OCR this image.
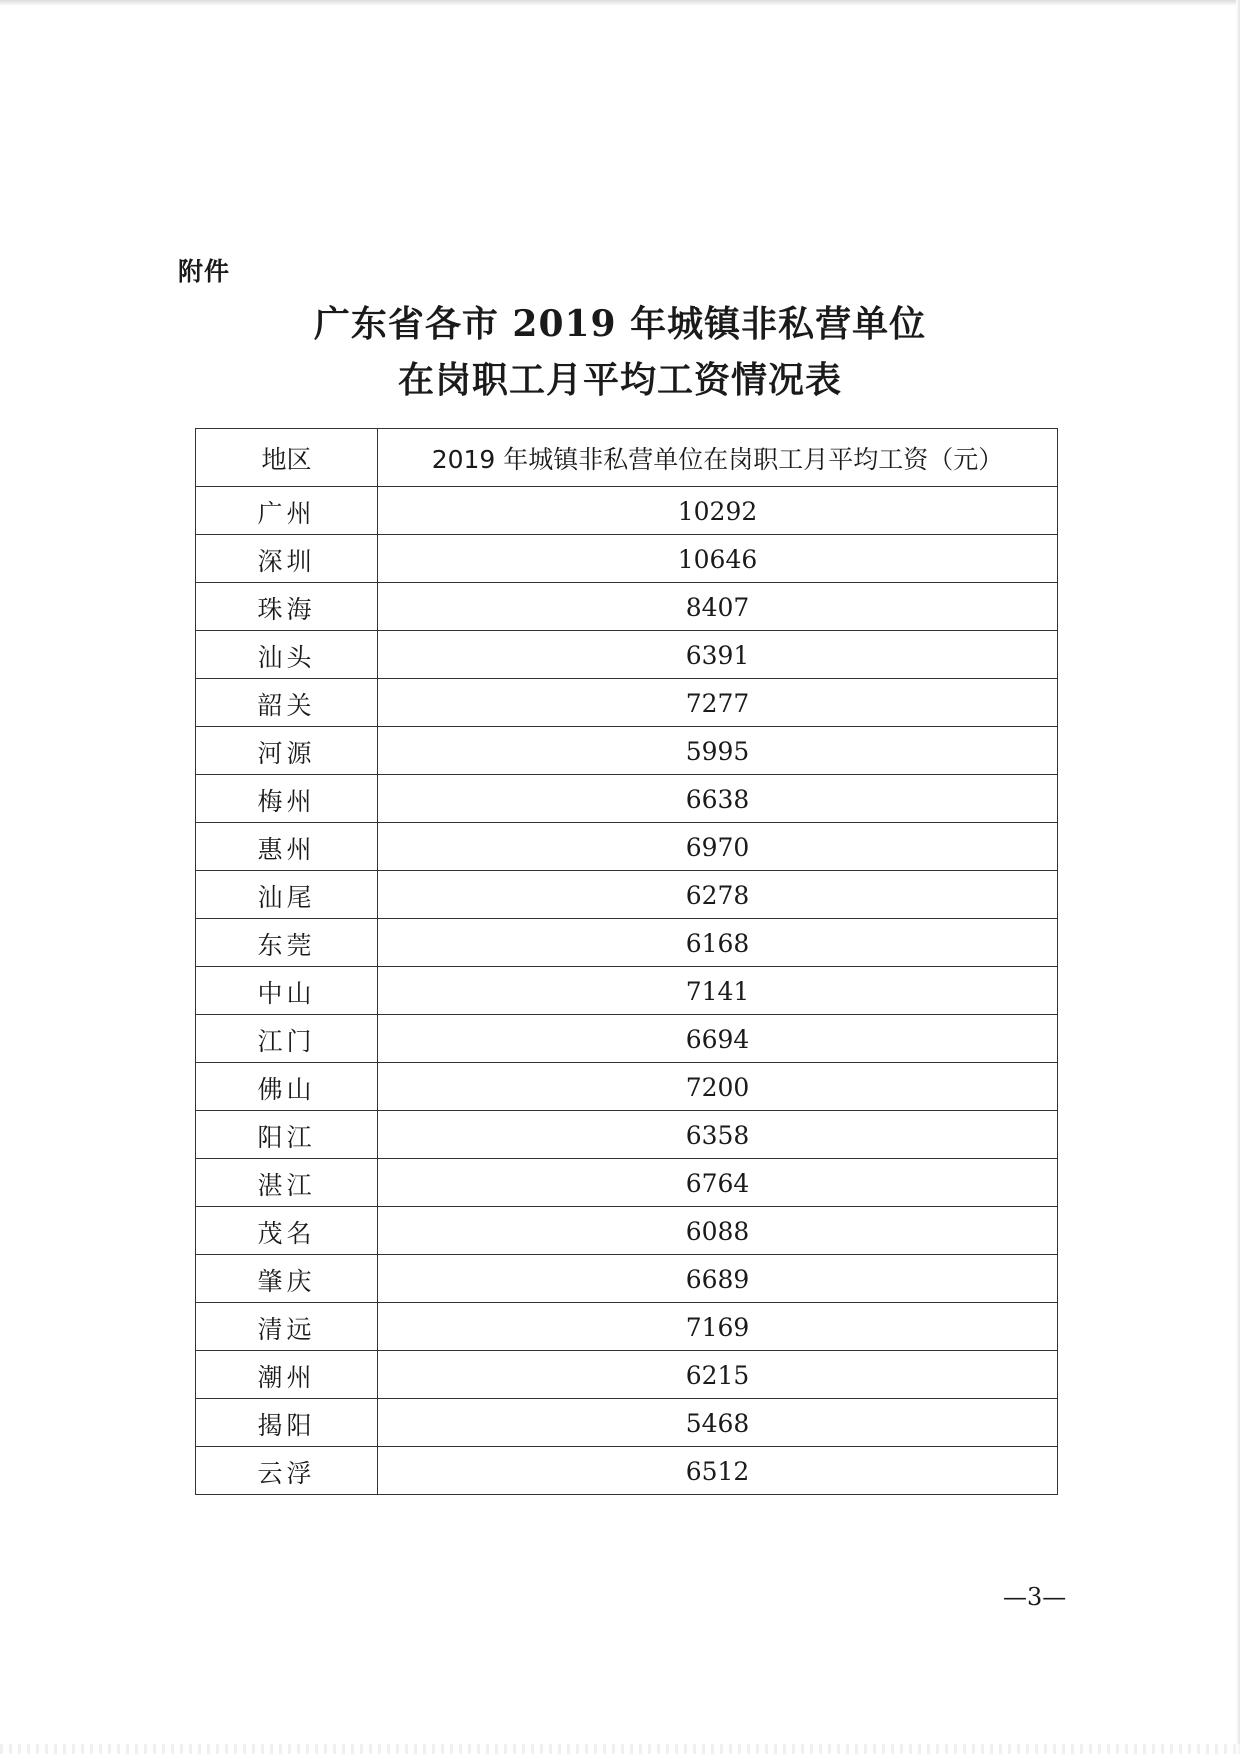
附件
广东省各市 2019 年城镇非私营单位
在岗职工月平均工资情况表
地区	2019 年城镇非私营单位在岗职工月平均工资（元）
广州	10292
深圳	10646
珠海	8407
汕头	6391
韶关	7277
河源	5995
梅州	6638
惠州	6970
汕尾	6278
东莞	6168
中山	7141
江门	6694
佛山	7200
阳江	6358
湛江	6764
茂名	6088
肇庆	6689
清远	7169
潮州	6215
揭阳	5468
云浮	6512
—3—
